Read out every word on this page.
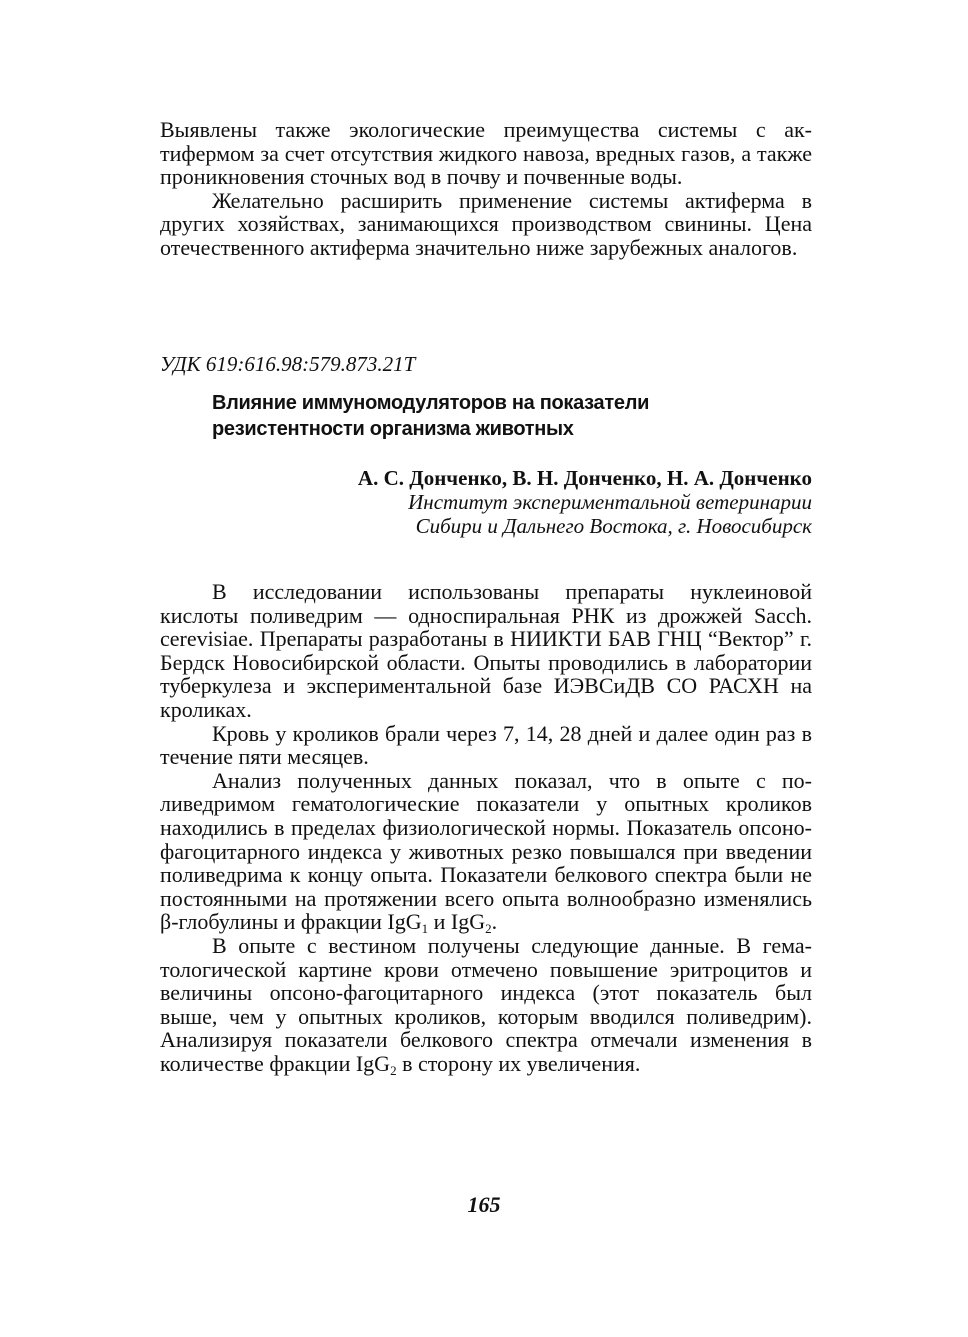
Выявлены также экологические преимущества системы с актифермом за счет отсутствия жидкого навоза, вредных газов, а также проникновения сточных вод в почву и почвенные воды.

Желательно расширить применение системы актиферма в других хозяйствах, занимающихся производством свинины. Цена отечественного актиферма значительно ниже зарубежных аналогов.

УДК 619:616.98:579.873.21Т
Влияние иммуномодуляторов на показатели
резистентности организма животных
А. С. Донченко, В. Н. Донченко, Н. А. Донченко
Институт экспериментальной ветеринарии
Сибири и Дальнего Востока, г. Новосибирск

В исследовании использованы препараты нуклеиновой кислоты поливедрим — односпиральная РНК из дрожжей Sacch. cerevisiae. Препараты разработаны в НИИКТИ БАВ ГНЦ “Вектор” г. Бердск Новосибирской области. Опыты проводились в лаборатории туберкулеза и экспериментальной базе ИЭВСиДВ СО РАСХН на кроликах.

Кровь у кроликов брали через 7, 14, 28 дней и далее один раз в течение пяти месяцев.

Анализ полученных данных показал, что в опыте с поливедримом гематологические показатели у опытных кроликов находились в пределах физиологической нормы. Показатель опсоно-фагоцитарного индекса у животных резко повышался при введении поливедрима к концу опыта. Показатели белкового спектра были не постоянными на протяжении всего опыта волнообразно изменялись β-глобулины и фракции IgG$_1$ и IgG$_2$.

В опыте с вестином получены следующие данные. В гематологической картине крови отмечено повышение эритроцитов и величины опсоно-фагоцитарного индекса (этот показатель был выше, чем у опытных кроликов, которым вводился поливедрим). Анализируя показатели белкового спектра отмечали изменения в количестве фракции IgG$_2$ в сторону их увеличения.

165
